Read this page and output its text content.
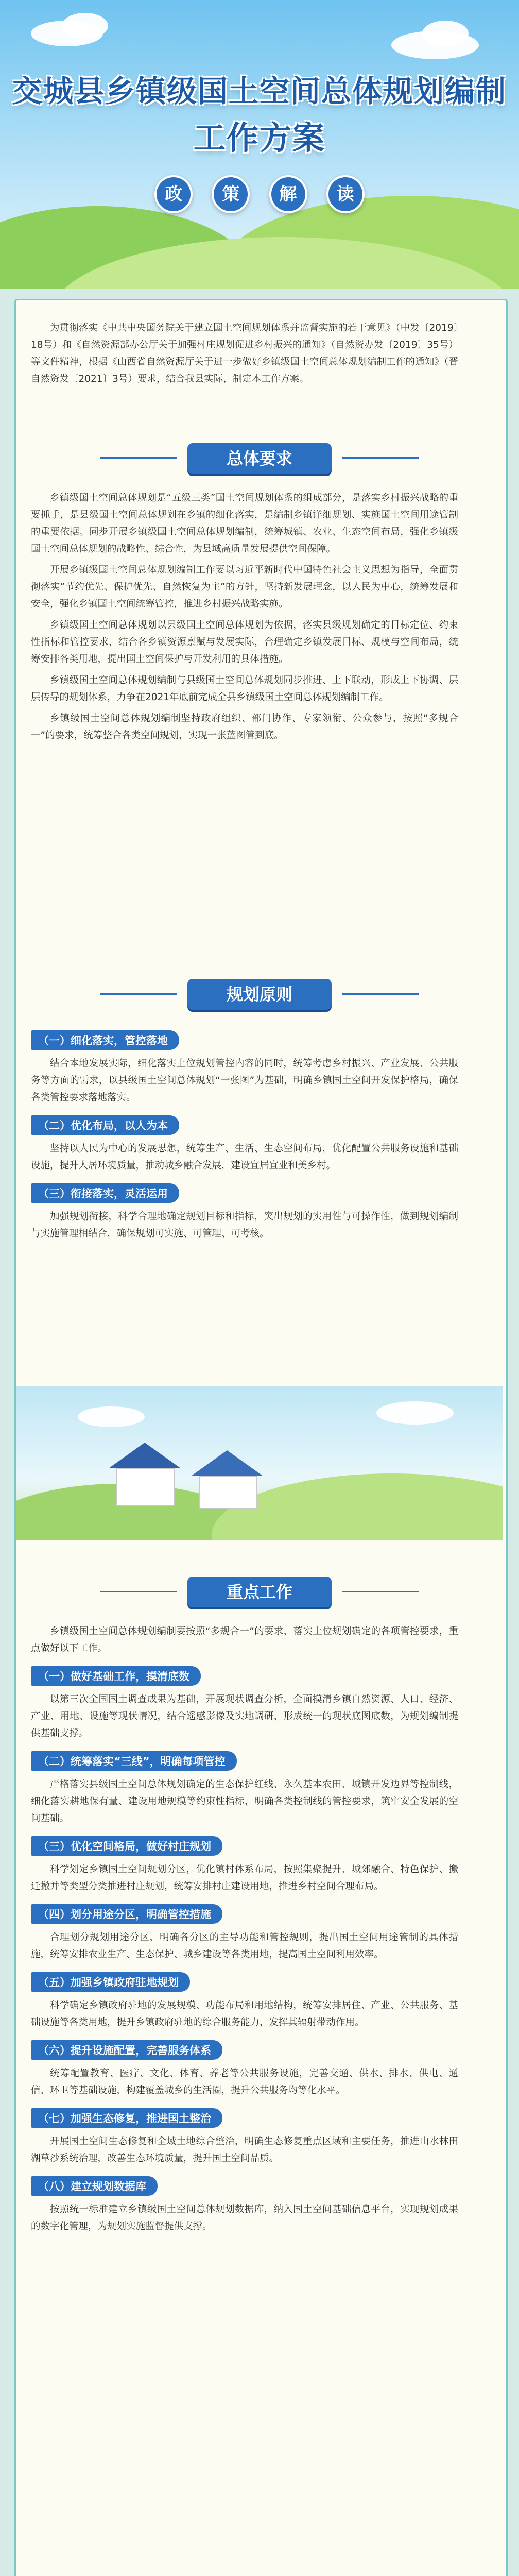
交城县乡镇级国土空间总体规划编制
工作方案
政 策 解 读

为贯彻落实《中共中央国务院关于建立国土空间规划体系并监督实施的若干意见》（中发〔2019〕18号）和《自然资源部办公厅关于加强村庄规划促进乡村振兴的通知》（自然资办发〔2019〕35号）等文件精神，根据《山西省自然资源厅关于进一步做好乡镇级国土空间总体规划编制工作的通知》（晋自然资发〔2021〕3号）要求，结合我县实际，制定本工作方案。

总体要求

乡镇级国土空间总体规划是“五级三类”国土空间规划体系的组成部分，是落实乡村振兴战略的重要抓手，是县级国土空间总体规划在乡镇的细化落实，是编制乡镇详细规划、实施国土空间用途管制的重要依据。同步开展乡镇级国土空间总体规划编制，统筹城镇、农业、生态空间布局，强化乡镇级国土空间总体规划的战略性、综合性，为县域高质量发展提供空间保障。

开展乡镇级国土空间总体规划编制工作要以习近平新时代中国特色社会主义思想为指导，全面贯彻落实“节约优先、保护优先、自然恢复为主”的方针，坚持新发展理念，以人民为中心，统筹发展和安全，强化乡镇国土空间统筹管控，推进乡村振兴战略实施。

乡镇级国土空间总体规划以县级国土空间总体规划为依据，落实县级规划确定的目标定位、约束性指标和管控要求，结合各乡镇资源禀赋与发展实际，合理确定乡镇发展目标、规模与空间布局，统筹安排各类用地，提出国土空间保护与开发利用的具体措施。

乡镇级国土空间总体规划编制与县级国土空间总体规划同步推进、上下联动，形成上下协调、层层传导的规划体系，力争在2021年底前完成全县乡镇级国土空间总体规划编制工作。

乡镇级国土空间总体规划编制坚持政府组织、部门协作、专家领衔、公众参与，按照“多规合一”的要求，统筹整合各类空间规划，实现一张蓝图管到底。

规划原则
（一）细化落实，管控落地

结合本地发展实际，细化落实上位规划管控内容的同时，统筹考虑乡村振兴、产业发展、公共服务等方面的需求，以县级国土空间总体规划“一张图”为基础，明确乡镇国土空间开发保护格局，确保各类管控要求落地落实。

（二）优化布局，以人为本

坚持以人民为中心的发展思想，统筹生产、生活、生态空间布局，优化配置公共服务设施和基础设施，提升人居环境质量，推动城乡融合发展，建设宜居宜业和美乡村。

（三）衔接落实，灵活运用

加强规划衔接，科学合理地确定规划目标和指标，突出规划的实用性与可操作性，做到规划编制与实施管理相结合，确保规划可实施、可管理、可考核。

重点工作

乡镇级国土空间总体规划编制要按照“多规合一”的要求，落实上位规划确定的各项管控要求，重点做好以下工作。

（一）做好基础工作，摸清底数

以第三次全国国土调查成果为基础，开展现状调查分析，全面摸清乡镇自然资源、人口、经济、产业、用地、设施等现状情况，结合遥感影像及实地调研，形成统一的现状底图底数，为规划编制提供基础支撑。

（二）统筹落实“三线”，明确每项管控

严格落实县级国土空间总体规划确定的生态保护红线、永久基本农田、城镇开发边界等控制线，细化落实耕地保有量、建设用地规模等约束性指标，明确各类控制线的管控要求，筑牢安全发展的空间基础。

（三）优化空间格局，做好村庄规划

科学划定乡镇国土空间规划分区，优化镇村体系布局，按照集聚提升、城郊融合、特色保护、搬迁撤并等类型分类推进村庄规划，统筹安排村庄建设用地，推进乡村空间合理布局。

（四）划分用途分区，明确管控措施

合理划分规划用途分区，明确各分区的主导功能和管控规则，提出国土空间用途管制的具体措施，统筹安排农业生产、生态保护、城乡建设等各类用地，提高国土空间利用效率。

（五）加强乡镇政府驻地规划

科学确定乡镇政府驻地的发展规模、功能布局和用地结构，统筹安排居住、产业、公共服务、基础设施等各类用地，提升乡镇政府驻地的综合服务能力，发挥其辐射带动作用。

（六）提升设施配置，完善服务体系

统筹配置教育、医疗、文化、体育、养老等公共服务设施，完善交通、供水、排水、供电、通信、环卫等基础设施，构建覆盖城乡的生活圈，提升公共服务均等化水平。

（七）加强生态修复，推进国土整治

开展国土空间生态修复和全域土地综合整治，明确生态修复重点区域和主要任务，推进山水林田湖草沙系统治理，改善生态环境质量，提升国土空间品质。

（八）建立规划数据库

按照统一标准建立乡镇级国土空间总体规划数据库，纳入国土空间基础信息平台，实现规划成果的数字化管理，为规划实施监督提供支撑。
